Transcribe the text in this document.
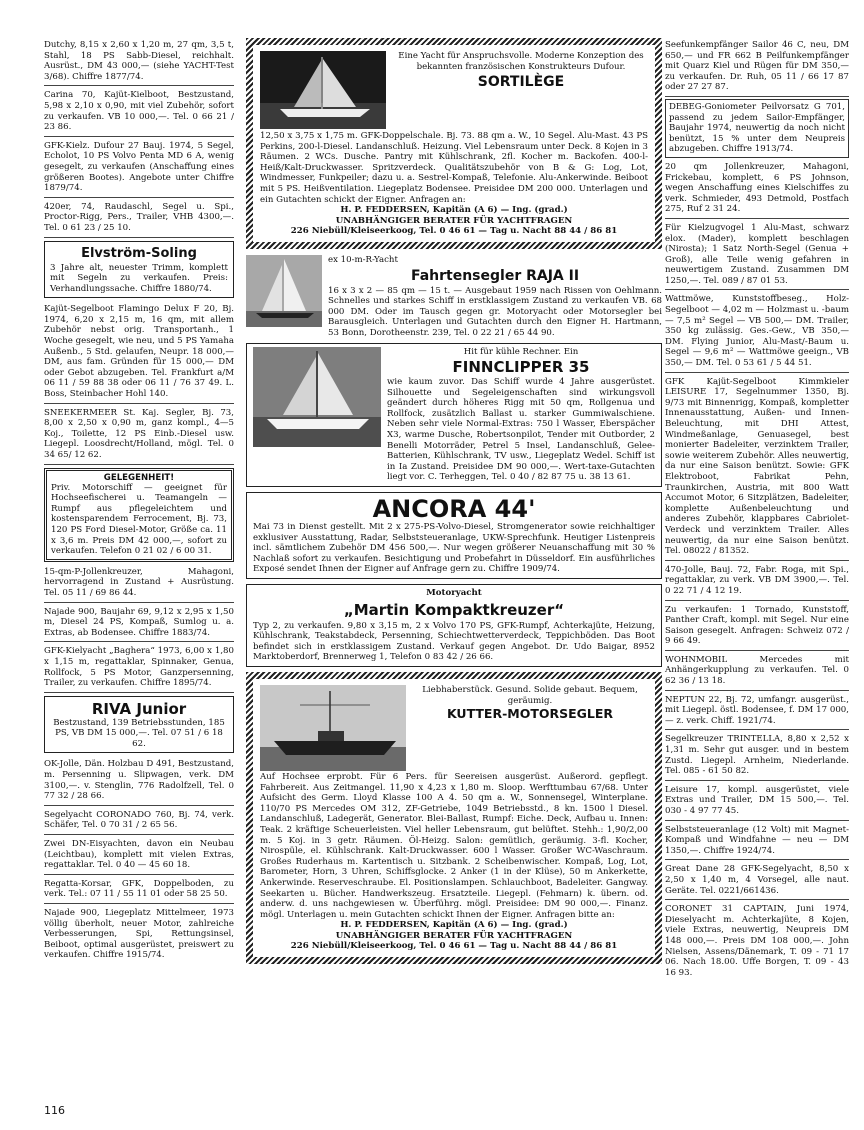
Dutchy, 8,15 x 2,60 x 1,20 m, 27 qm, 3,5 t, Stahl, 18 PS Sabb-Diesel, reichhalt. Ausrüst., DM 43 000,— (siehe YACHT-Test 3/68). Chiffre 1877/74.

Carina 70, Kajüt-Kielboot, Bestzustand, 5,98 x 2,10 x 0,90, mit viel Zubehör, sofort zu verkaufen. VB 10 000,—. Tel. 0 66 21 / 23 86.

GFK-Kielz. Dufour 27 Bauj. 1974, 5 Segel, Echolot, 10 PS Volvo Penta MD 6 A, wenig gesegelt, zu verkaufen (Anschaffung eines größeren Bootes). Angebote unter Chiffre 1879/74.

420er, 74, Raudaschl, Segel u. Spi., Proctor-Rigg, Pers., Trailer, VHB 4300,—. Tel. 0 61 23 / 25 10.

Elvström-Soling

3 Jahre alt, neuester Trimm, komplett mit Segeln zu verkaufen. Preis: Verhandlungssache. Chiffre 1880/74.

Kajüt-Segelboot Flamingo Delux F 20, Bj. 1974, 6,20 x 2,15 m, 16 qm, mit allem Zubehör nebst orig. Transportanh., 1 Woche gesegelt, wie neu, und 5 PS Yamaha Außenb., 5 Std. gelaufen, Neupr. 18 000,— DM, aus fam. Gründen für 15 000,— DM oder Gebot abzugeben. Tel. Frankfurt a/M 06 11 / 59 88 38 oder 06 11 / 76 37 49. L. Boss, Steinbacher Hohl 140.

SNEEKERMEER St. Kaj. Segler, Bj. 73, 8,00 x 2,50 x 0,90 m, ganz kompl., 4—5 Koj., Toilette, 12 PS Einb.-Diesel usw. Liegepl. Loosdrecht/Holland, mögl. Tel. 0 34 65/ 12 62.

GELEGENHEIT!

Priv. Motorschiff — geeignet für Hochseefischerei u. Teamangeln — Rumpf aus pflegeleichtem und kostensparendem Ferrocement, Bj. 73, 120 PS Ford Diesel-Motor, Größe ca. 11 x 3,6 m. Preis DM 42 000,—, sofort zu verkaufen. Telefon 0 21 02 / 6 00 31.

15-qm-P-Jollenkreuzer, Mahagoni, hervorragend in Zustand + Ausrüstung. Tel. 05 11 / 69 86 44.

Najade 900, Baujahr 69, 9,12 x 2,95 x 1,50 m, Diesel 24 PS, Kompaß, Sumlog u. a. Extras, ab Bodensee. Chiffre 1883/74.

GFK-Kielyacht „Baghera“ 1973, 6,00 x 1,80 x 1,15 m, regattaklar, Spinnaker, Genua, Rollfock, 5 PS Motor, Ganzpersenning, Trailer, zu verkaufen. Chiffre 1895/74.

RIVA Junior

Bestzustand, 139 Betriebsstunden, 185 PS, VB DM 15 000,—. Tel. 07 51 / 6 18 62.

OK-Jolle, Dän. Holzbau D 491, Bestzustand, m. Persenning u. Slipwagen, verk. DM 3100,—. v. Stenglin, 776 Radolfzell, Tel. 0 77 32 / 28 66.

Segelyacht CORONADO 760, Bj. 74, verk. Schäfer, Tel. 0 70 31 / 2 65 56.

Zwei DN-Eisyachten, davon ein Neubau (Leichtbau), komplett mit vielen Extras, regattaklar. Tel. 0 40 — 45 60 18.

Regatta-Korsar, GFK, Doppelboden, zu verk. Tel.: 07 11 / 55 11 01 oder 58 25 50.

Najade 900, Liegeplatz Mittelmeer, 1973 völlig überholt, neuer Motor, zahlreiche Verbesserungen, Spi, Rettungsinsel, Beiboot, optimal ausgerüstet, preiswert zu verkaufen. Chiffre 1915/74.

Eine Yacht für Anspruchsvolle. Moderne Konzeption des bekannten französischen Konstrukteurs Dufour.

SORTILÈGE

12,50 x 3,75 x 1,75 m. GFK-Doppelschale. Bj. 73. 88 qm a. W., 10 Segel. Alu-Mast. 43 PS Perkins, 200-l-Diesel. Landanschluß. Heizung. Viel Lebensraum unter Deck. 8 Kojen in 3 Räumen. 2 WCs. Dusche. Pantry mit Kühlschrank, 2fl. Kocher m. Backofen. 400-l-Heiß/Kalt-Druckwasser. Spritzverdeck. Qualitätszubehör von B & G: Log, Lot, Windmesser, Funkpeiler; dazu u. a. Sestrel-Kompaß, Telefonie. Alu-Ankerwinde. Beiboot mit 5 PS. Heißventilation. Liegeplatz Bodensee. Preisidee DM 200 000. Unterlagen und ein Gutachten schickt der Eigner. Anfragen an:

H. P. FEDDERSEN, Kapitän (A 6) — Ing. (grad.)
UNABHÄNGIGER BERATER FÜR YACHTFRAGEN
226 Niebüll/Kleiseerkoog, Tel. 0 46 61 — Tag u. Nacht 88 44 / 86 81
ex 10-m-R-Yacht
Fahrtensegler RAJA II

16 x 3 x 2 — 85 qm — 15 t. — Ausgebaut 1959 nach Rissen von Oehlmann. Schnelles und starkes Schiff in erstklassigem Zustand zu verkaufen VB. 68 000 DM. Oder im Tausch gegen gr. Motoryacht oder Motorsegler bei Barausgleich. Unterlagen und Gutachten durch den Eigner H. Hartmann, 53 Bonn, Dorotheenstr. 239, Tel. 0 22 21 / 65 44 90.

Hit für kühle Rechner. Ein
FINNCLIPPER 35

wie kaum zuvor. Das Schiff wurde 4 Jahre ausgerüstet. Silhouette und Segeleigenschaften sind wirkungsvoll geändert durch höheres Rigg mit 50 qm, Rollgenua und Rollfock, zusätzlich Ballast u. starker Gummiwalschiene. Neben sehr viele Normal-Extras: 750 l Wasser, Eberspächer X3, warme Dusche, Robertsonpilot, Tender mit Outborder, 2 Benelli Motorräder, Petrel 5 Insel, Landanschluß, Gelee-Batterien, Kühlschrank, TV usw., Liegeplatz Wedel. Schiff ist in Ia Zustand. Preisidee DM 90 000,—. Wert-taxe-Gutachten liegt vor. C. Terheggen, Tel. 0 40 / 82 87 75 u. 38 13 61.

ANCORA 44'

Mai 73 in Dienst gestellt. Mit 2 x 275-PS-Volvo-Diesel, Stromgenerator sowie reichhaltiger exklusiver Ausstattung, Radar, Selbststeueranlage, UKW-Sprechfunk. Heutiger Listenpreis incl. sämtlichem Zubehör DM 456 500,—. Nur wegen größerer Neuanschaffung mit 30 % Nachlaß sofort zu verkaufen. Besichtigung und Probefahrt in Düsseldorf. Ein ausführliches Exposé sendet Ihnen der Eigner auf Anfrage gern zu. Chiffre 1909/74.

Motoryacht
„Martin Kompaktkreuzer“

Typ 2, zu verkaufen. 9,80 x 3,15 m, 2 x Volvo 170 PS, GFK-Rumpf, Achterkajüte, Heizung, Kühlschrank, Teakstabdeck, Persenning, Schiechtwetterverdeck, Teppichböden. Das Boot befindet sich in erstklassigem Zustand. Verkauf gegen Angebot. Dr. Udo Baigar, 8952 Marktoberdorf, Brennerweg 1, Telefon 0 83 42 / 26 66.

Liebhaberstück. Gesund. Solide gebaut. Bequem, geräumig.

KUTTER-MOTORSEGLER

Auf Hochsee erprobt. Für 6 Pers. für Seereisen ausgerüst. Außerord. gepflegt. Fahrbereit. Aus Zeitmangel. 11,90 x 4,23 x 1,80 m. Sloop. Werfttumbau 67/68. Unter Aufsicht des Germ. Lloyd Klasse 100 A 4. 50 qm a. W., Sonnensegel, Winterplane. 110/70 PS Mercedes OM 312, ZF-Getriebe, 1049 Betriebsstd., 8 kn. 1500 l Diesel. Landanschluß, Ladegerät, Generator. Blei-Ballast, Rumpf: Eiche. Deck, Aufbau u. Innen: Teak. 2 kräftige Scheuerleisten. Viel heller Lebensraum, gut belüftet. Stehh.: 1,90/2,00 m. 5 Koj. in 3 getr. Räumen. Öl-Heizg. Salon: gemütlich, geräumig. 3-fl. Kocher, Nirospüle, el. Kühlschrank. Kalt-Druckwasser. 600 l Wasser. Großer WC-Waschraum. Großes Ruderhaus m. Kartentisch u. Sitzbank. 2 Scheibenwischer. Kompaß, Log, Lot, Barometer, Horn, 3 Uhren, Schiffsglocke. 2 Anker (1 in der Klüse), 50 m Ankerkette, Ankerwinde. Reserveschraube. El. Positionslampen. Schlauchboot, Badeleiter. Gangway. Seekarten u. Bücher. Handwerkszeug. Ersatzteile. Liegepl. (Fehmarn) k. übern. od. anderw. d. uns nachgewiesen w. Überführg. mögl. Preisidee: DM 90 000,—. Finanz. mögl. Unterlagen u. mein Gutachten schickt Ihnen der Eigner. Anfragen bitte an:

H. P. FEDDERSEN, Kapitän (A 6) — Ing. (grad.)
UNABHÄNGIGER BERATER FÜR YACHTFRAGEN
226 Niebüll/Kleiseerkoog, Tel. 0 46 61 — Tag u. Nacht 88 44 / 86 81

Seefunkempfänger Sailor 46 C, neu, DM 650,— und FR 662 B Peilfunkempfänger mit Quarz Kiel und Rügen für DM 350,— zu verkaufen. Dr. Ruh, 05 11 / 66 17 87 oder 27 27 87.

DEBEG-Goniometer Peilvorsatz G 701, passend zu jedem Sailor-Empfänger, Baujahr 1974, neuwertig da noch nicht benützt, 15 % unter dem Neupreis abzugeben. Chiffre 1913/74.

20 qm Jollenkreuzer, Mahagoni, Frickebau, komplett, 6 PS Johnson, wegen Anschaffung eines Kielschiffes zu verk. Schmieder, 493 Detmold, Postfach 275, Ruf 2 31 24.

Für Kielzugvogel 1 Alu-Mast, schwarz elox. (Mader), komplett beschlagen (Nirosta); 1 Satz North-Segel (Genua + Groß), alle Teile wenig gefahren in neuwertigem Zustand. Zusammen DM 1250,—. Tel. 089 / 87 01 53.

Wattmöwe, Kunststoffbeseg., Holz-Segelboot — 4,02 m — Holzmast u. -baum — 7,5 m² Segel — VB 500,— DM. Trailer, 350 kg zulässig. Ges.-Gew., VB 350,— DM. Flying Junior, Alu-Mast/-Baum u. Segel — 9,6 m² — Wattmöwe geeign., VB 350,— DM. Tel. 0 53 61 / 5 44 51.

GFK Kajüt-Segelboot Kimmkieler LEISURE 17, Segelnummer 1350, Bj. 9/73 mit Binnenrigg, Kompaß, kompletter Innenausstattung, Außen- und Innen-Beleuchtung, mit DHI Attest, Windmeßanlage, Genuasegel, best monierter Badeleiter, verzinktem Trailer, sowie weiterem Zubehör. Alles neuwertig, da nur eine Saison benützt. Sowie: GFK Elektroboot, Fabrikat Pehn, Traunkirchen, Austria, mit 800 Watt Accumot Motor, 6 Sitzplätzen, Badeleiter, komplette Außenbeleuchtung und anderes Zubehör, klappbares Cabriolet-Verdeck und verzinktem Trailer. Alles neuwertig, da nur eine Saison benützt. Tel. 08022 / 81352.

470-Jolle, Bauj. 72, Fabr. Roga, mit Spi., regattaklar, zu verk. VB DM 3900,—. Tel. 0 22 71 / 4 12 19.

Zu verkaufen: 1 Tornado, Kunststoff, Panther Craft, kompl. mit Segel. Nur eine Saison gesegelt. Anfragen: Schweiz 072 / 9 66 49.

WOHNMOBIL Mercedes mit Anhängerkupplung zu verkaufen. Tel. 0 62 36 / 13 18.

NEPTUN 22, Bj. 72, umfangr. ausgerüst., mit Liegepl. östl. Bodensee, f. DM 17 000,— z. verk. Chiff. 1921/74.

Segelkreuzer TRINTELLA, 8,80 x 2,52 x 1,31 m. Sehr gut ausger. und in bestem Zustd. Liegepl. Arnheim, Niederlande. Tel. 085 - 61 50 82.

Leisure 17, kompl. ausgerüstet, viele Extras und Trailer, DM 15 500,—. Tel. 030 - 4 97 77 45.

Selbststeueranlage (12 Volt) mit Magnet-Kompaß und Windfahne — neu — DM 1350,—. Chiffre 1924/74.

Great Dane 28 GFK-Segelyacht, 8,50 x 2,50 x 1,40 m, 4 Vorsegel, alle naut. Geräte. Tel. 0221/661436.

CORONET 31 CAPTAIN, Juni 1974, Dieselyacht m. Achterkajüte, 8 Kojen, viele Extras, neuwertig, Neupreis DM 148 000,—. Preis DM 108 000,—. John Nielsen, Assens/Dänemark, T. 09 - 71 17 06. Nach 18.00. Uffe Borgen, T. 09 - 43 16 93.

116
